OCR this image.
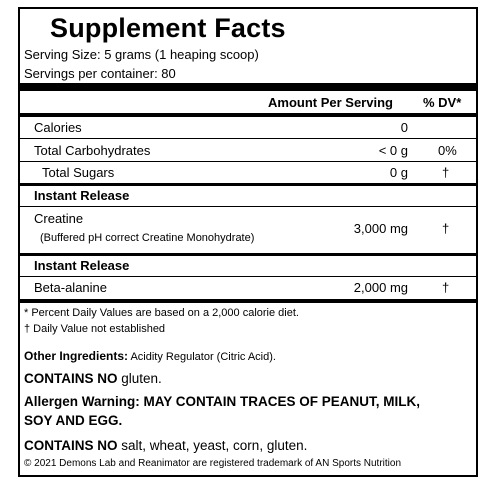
Supplement Facts
Serving Size: 5 grams (1 heaping scoop)
Servings per container: 80
Amount Per Serving % DV*
Calories	0
Total Carbohydrates	< 0 g 0%
Total Sugars	0 g	†
Instant Release
Creatine
(Buffered pH correct Creatine Monohydrate)
3,000 mg	†
Instant Release
Beta-alanine	2,000 mg	†
* Percent Daily Values are based on a 2,000 calorie diet.
† Daily Value not established
Other Ingredients: Acidity Regulator (Citric Acid).
CONTAINS NO gluten.
Allergen Warning: MAY CONTAIN TRACES OF PEANUT, MILK,
SOY AND EGG.
CONTAINS NO salt, wheat, yeast, corn, gluten.
© 2021 Demons Lab and Reanimator are registered trademark of AN Sports Nutrition
